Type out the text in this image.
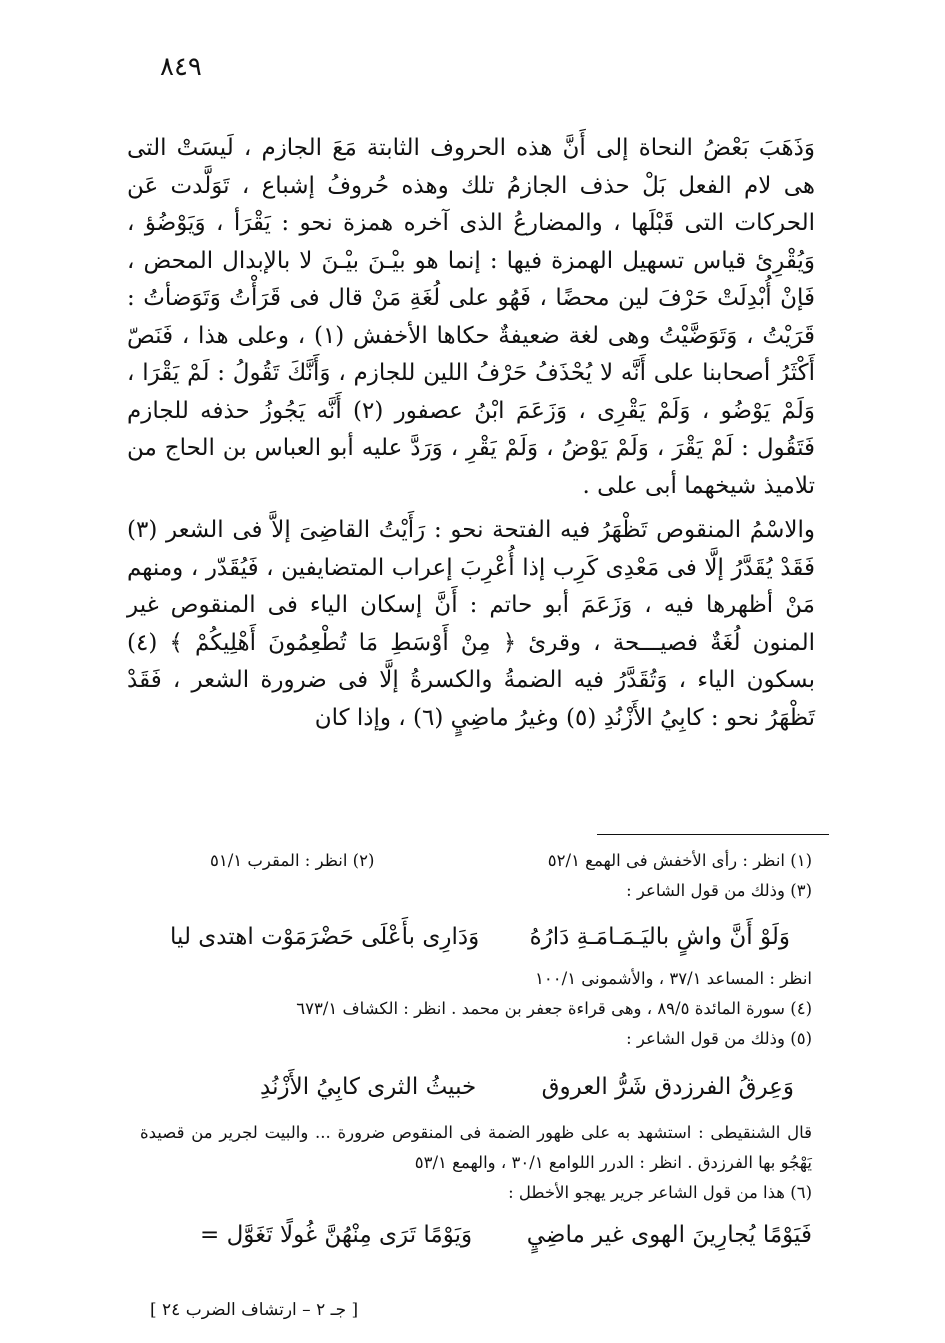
٨٤٩

وَذَهَبَ بَعْضُ النحاة إلى أَنَّ هذه الحروف الثابتة مَعَ الجازم ، لَيسَتْ التى هى لام الفعل بَلْ حذف الجازمُ تلك وهذه حُروفُ إشباع ، تَوَلَّدت عَن الحركات التى قَبْلَها ، والمضارعُ الذى آخره همزة نحو : يَقْرَأ ، وَيَوْضُؤ ، وَيُقْرِئ قياس تسهيل الهمزة فيها : إنما هو بيْـنَ بيْـنَ لا بالإبدال المحض ، فَإنْ أُبْدِلَتْ حَرْفَ لين محضًا ، فَهُو على لُغَةِ مَنْ قال فى قَرَأْتُ وَتَوَضأتُ : قَرَيْتُ ، وَتَوَضَّيْتُ وهى لغة ضعيفةٌ حكاها الأخفش (١) ، وعلى هذا ، فَنَصّ أَكْثَرُ أصحابنا على أَنَّه لا يُحْذَفُ حَرْفُ اللين للجازم ، وَأَنَّكَ تَقُولُ : لَمْ يَقْرَا ، وَلَمْ يَوْضُو ، وَلَمْ يَقْرِى ، وَزَعَمَ ابْنُ عصفور (٢) أَنَّه يَجُوزُ حذفه للجازم فَتَقُول : لَمْ يَقْرَ ، وَلَمْ يَوْضُ ، وَلَمْ يَقْرِ ، وَرَدَّ عليه أبو العباس بن الحاج من تلاميذ شيخهما أبى على .

والاسْمُ المنقوص تَظْهَرُ فيه الفتحة نحو : رَأَيْتُ القاضِىَ إلاَّ فى الشعر (٣) فَقَدْ يُقَدَّرُ إلَّا فى مَعْدِى كَرِب إذا أُعْرِبَ إعراب المتضايفين ، فَيُقَدّر ، ومنهم مَنْ أظهرها فيه ، وَزَعَمَ أبو حاتم : أَنَّ إسكان الياء فى المنقوص غير المنون لُغَةٌ فصيـــحة ، وقرئ ﴿ مِنْ أَوْسَطِ مَا تُطْعِمُونَ أَهْلِيكُمْ ﴾ (٤) بسكون الياء ، وَتُقَدَّرُ فيه الضمةُ والكسرةُ إلَّا فى ضرورة الشعر ، فَقَدْ تَظْهَرُ نحو : كابِيُ الأَزْنُدِ (٥) وغيرُ ماضِيٍ (٦) ، وإذا كان

(١) انظر : رأى الأخفش فى الهمع ٥٢/١
(٢) انظر : المقرب ٥١/١
(٣) وذلك من قول الشاعر :
وَلَوْ أَنَّ واشٍ باليَـمَـامَـةِ دَارُهُ
وَدَارِى بأَعْلَى حَضْرَمَوْت اهتدى ليا
انظر : المساعد ٣٧/١ ، والأشمونى ١٠٠/١
(٤) سورة المائدة ٨٩/٥ ، وهى قراءة جعفر بن محمد . انظر : الكشاف ٦٧٣/١
(٥) وذلك من قول الشاعر :
وَعِرقُ الفرزدق شَرُّ العروق
خبيثُ الثرى كابِيُ الأَزْنُدِ
قال الشنقيطى : استشهد به على ظهور الضمة فى المنقوص ضرورة ... والبيت لجرير من قصيدة يَهْجُو بها الفرزدق . انظر : الدرر اللوامع ٣٠/١ ، والهمع ٥٣/١
(٦) هذا من قول الشاعر جرير يهجو الأخطل :
فَيَوْمًا يُجارِينَ الهوى غير ماضِيٍ
وَيَوْمًا تَرَى مِنْهُنَّ غُولًا تَغَوَّل =
[ جـ ٢ – ارتشاف الضرب ٢٤ ]
